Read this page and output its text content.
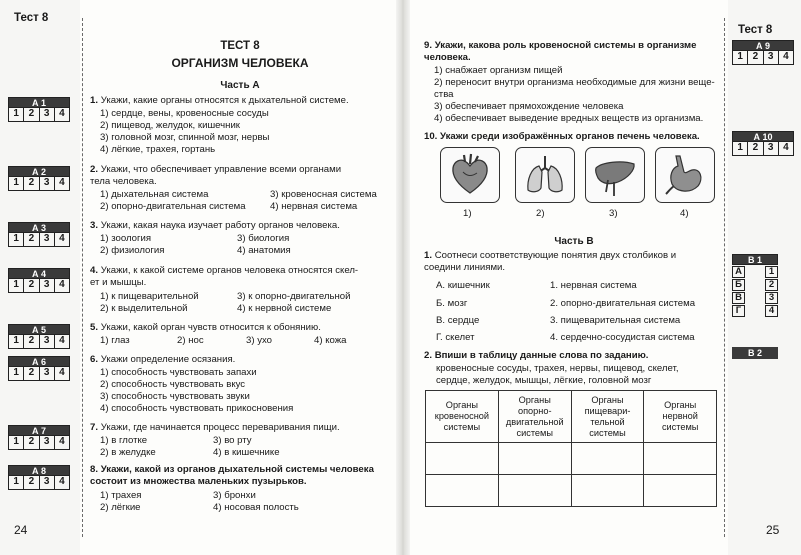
Тест 8
24
ТЕСТ 8
ОРГАНИЗМ ЧЕЛОВЕКА
Часть А
А 1
1 2 3 4
А 2
1 2 3 4
А 3
1 2 3 4
А 4
1 2 3 4
А 5
1 2 3 4
А 6
1 2 3 4
А 7
1 2 3 4
А 8
1 2 3 4
1. Укажи, какие органы относятся к дыхательной системе.
1) сердце, вены, кровеносные сосуды
2) пищевод, желудок, кишечник
3) головной мозг, спинной мозг, нервы
4) лёгкие, трахея, гортань
2. Укажи, что обеспечивает управление всеми органами
тела человека.
1) дыхательная система	3) кровеносная система
2) опорно-двигательная система	4) нервная система
3. Укажи, какая наука изучает работу органов человека.
1) зоология	3) биология
2) физиология	4) анатомия
4. Укажи, к какой системе органов человека относятся скел-
ет и мышцы.
1) к пищеварительной	3) к опорно-двигательной
2) к выделительной	4) к нервной системе
5. Укажи, какой орган чувств относится к обонянию.
1) глаз	2) нос	3) ухо	4) кожа
6. Укажи определение осязания.
1) способность чувствовать запахи
2) способность чувствовать вкус
3) способность чувствовать звуки
4) способность чувствовать прикосновения
7. Укажи, где начинается процесс переваривания пищи.
1) в глотке	3) во рту
2) в желудке	4) в кишечнике
8. Укажи, какой из органов дыхательной системы человека
состоит из множества маленьких пузырьков.
1) трахея	3) бронхи
2) лёгкие	4) носовая полость
Тест 8
25
А 9
1 2 3 4
А 10
1 2 3 4
В 1
А	1
Б	2
В	3
Г	4
В 2
9. Укажи, какова роль кровеносной системы в организме
человека.
1) снабжает организм пищей
2) переносит внутри организма необходимые для жизни веще-
ства
3) обеспечивает прямохождение человека
4) обеспечивает выведение вредных веществ из организма.
10. Укажи среди изображённых органов печень человека.
1)	2)	3)	4)
Часть В
1. Соотнеси соответствующие понятия двух столбиков и
соедини линиями.
А. кишечник
Б. мозг
В. сердце
Г. скелет
1. нервная система
2. опорно-двигательная система
3. пищеварительная система
4. сердечно-сосудистая система
2. Впиши в таблицу данные слова по заданию.
кровеносные сосуды, трахея, нервы, пищевод, скелет,
сердце, желудок, мышцы, лёгкие, головной мозг
Органы
кровеносной
системы	Органы
опорно-
двигательной
системы	Органы
пищевари-
тельной
системы	Органы
нервной
системы
